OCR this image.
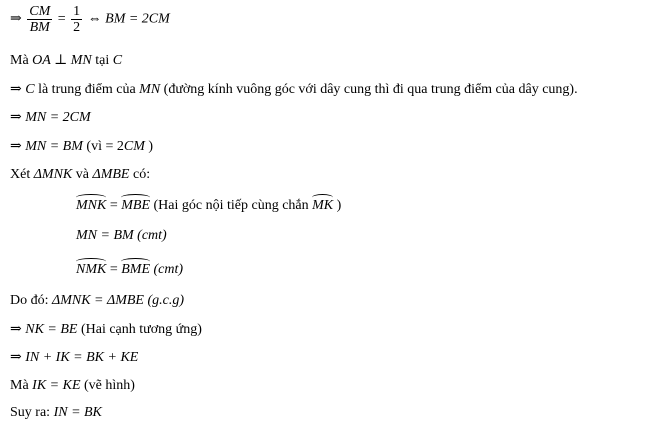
⇒ $\frac{CM}{BM} = \frac{1}{2}$ ⇔ BM = 2CM
Mà OA ⊥ MN tại C
⇒ C là trung điểm của MN (đường kính vuông góc với dây cung thì đi qua trung điểm của dây cung).
⇒ MN = 2CM
⇒ MN = BM (vì = 2CM )
Xét ΔMNK và ΔMBE có:
MNK = MBE (Hai góc nội tiếp cùng chắn MK )
MN = BM (cmt)
NMK = BME (cmt)
Do đó: ΔMNK = ΔMBE (g.c.g)
⇒ NK = BE (Hai cạnh tương ứng)
⇒ IN + IK = BK + KE
Mà IK = KE (vẽ hình)
Suy ra: IN = BK
